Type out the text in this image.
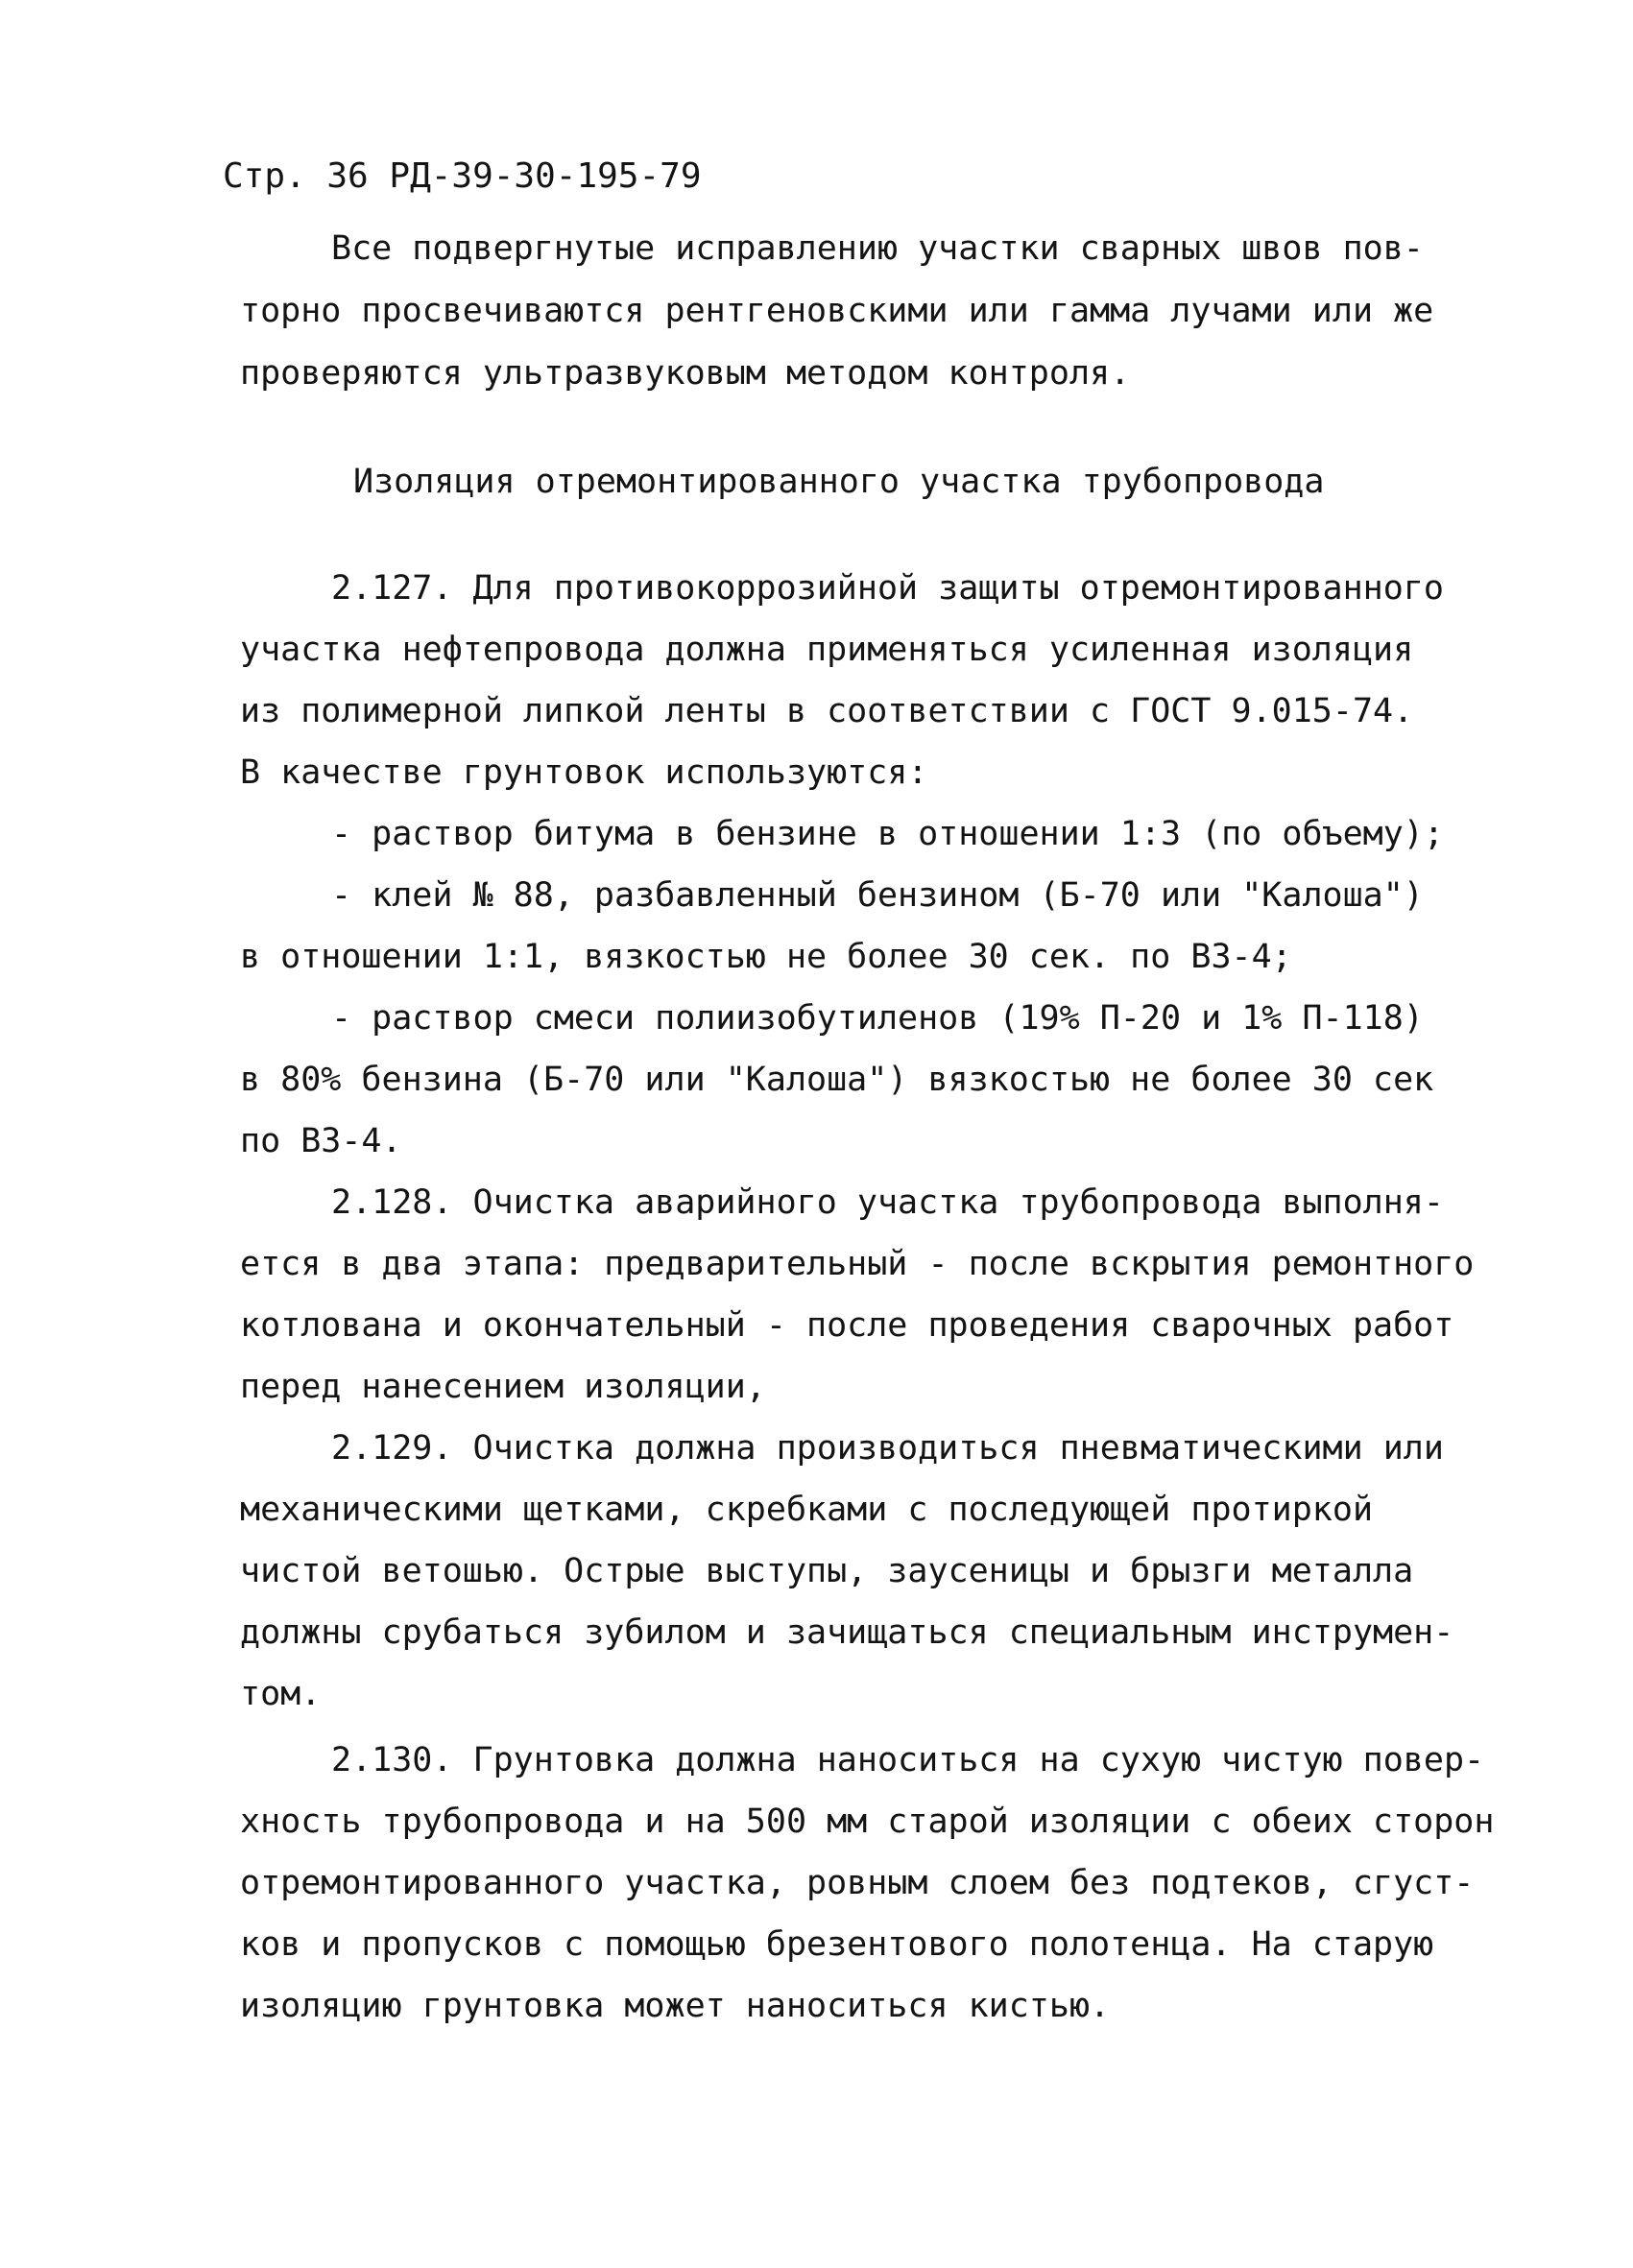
Стр. 36 РД-39-30-195-79
Все подвергнутые исправлению участки сварных швов пов-
торно просвечиваются рентгеновскими или гамма лучами или же
проверяются ультразвуковым методом контроля.
Изоляция отремонтированного участка трубопровода
2.127. Для противокоррозийной защиты отремонтированного
участка нефтепровода должна применяться усиленная изоляция
из полимерной липкой ленты в соответствии с ГОСТ 9.015-74.
В качестве грунтовок используются:
- раствор битума в бензине в отношении 1:3 (по объему);
- клей № 88, разбавленный бензином (Б-70 или "Калоша")
в отношении 1:1, вязкостью не более 30 сек. по ВЗ-4;
- раствор смеси полиизобутиленов (19% П-20 и 1% П-118)
в 80% бензина (Б-70 или "Калоша") вязкостью не более 30 сек
по ВЗ-4.
2.128. Очистка аварийного участка трубопровода выполня-
ется в два этапа: предварительный - после вскрытия ремонтного
котлована и окончательный - после проведения сварочных работ
перед нанесением изоляции,
2.129. Очистка должна производиться пневматическими или
механическими щетками, скребками с последующей протиркой
чистой ветошью. Острые выступы, заусеницы и брызги металла
должны срубаться зубилом и зачищаться специальным инструмен-
том.
2.130. Грунтовка должна наноситься на сухую чистую повер-
хность трубопровода и на 500 мм старой изоляции с обеих сторон
отремонтированного участка, ровным слоем без подтеков, сгуст-
ков и пропусков с помощью брезентового полотенца. На старую
изоляцию грунтовка может наноситься кистью.
